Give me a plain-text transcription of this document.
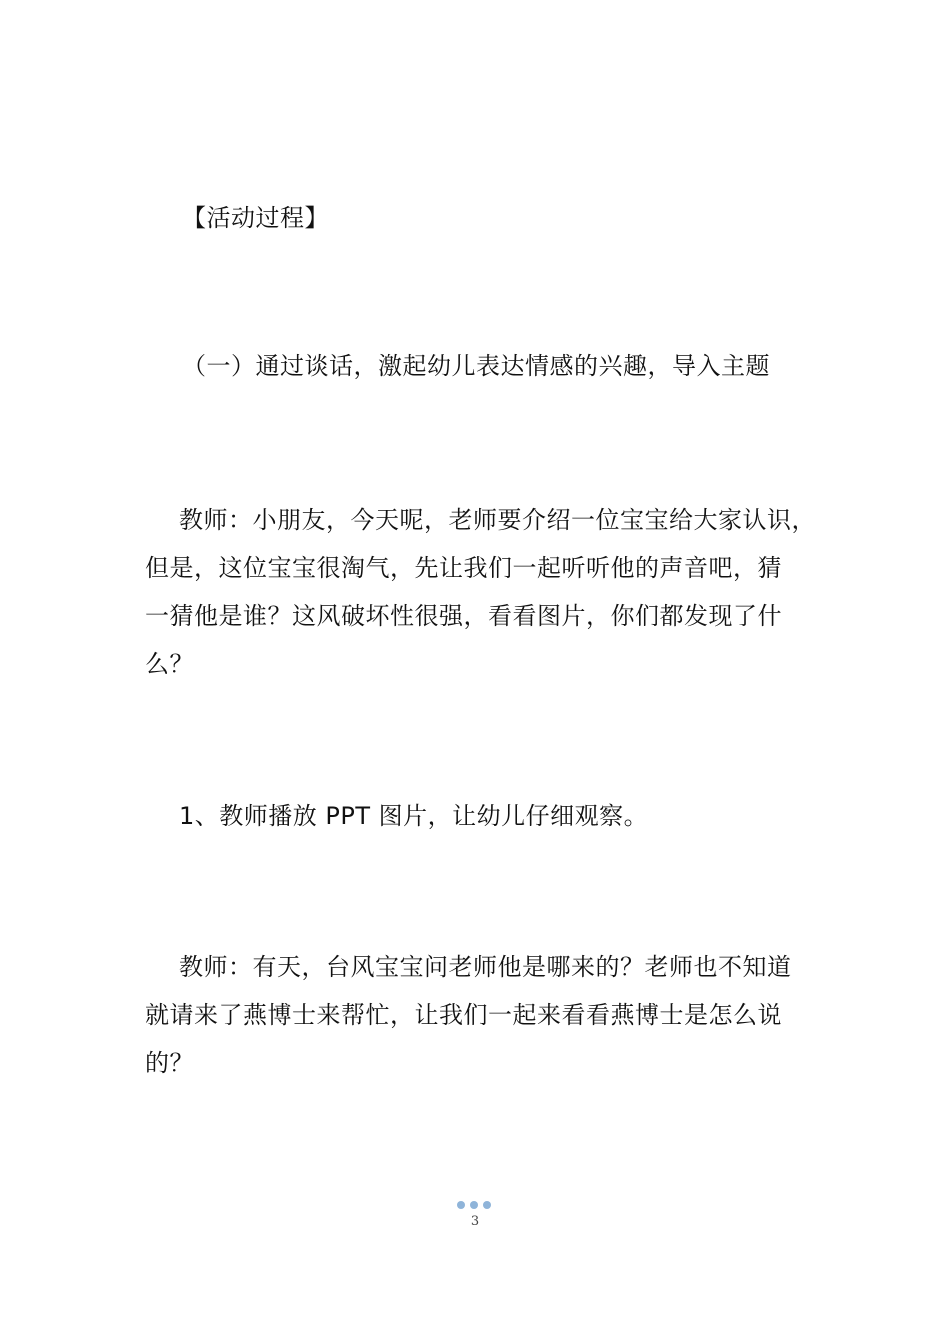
【活动过程】
（一）通过谈话，激起幼儿表达情感的兴趣，导入主题
教师：小朋友，今天呢，老师要介绍一位宝宝给大家认识，
但是，这位宝宝很淘气，先让我们一起听听他的声音吧，猜
一猜他是谁？这风破坏性很强，看看图片，你们都发现了什
么？
1、教师播放 PPT 图片，让幼儿仔细观察。
教师：有天，台风宝宝问老师他是哪来的？老师也不知道
就请来了燕博士来帮忙，让我们一起来看看燕博士是怎么说
的？
3
